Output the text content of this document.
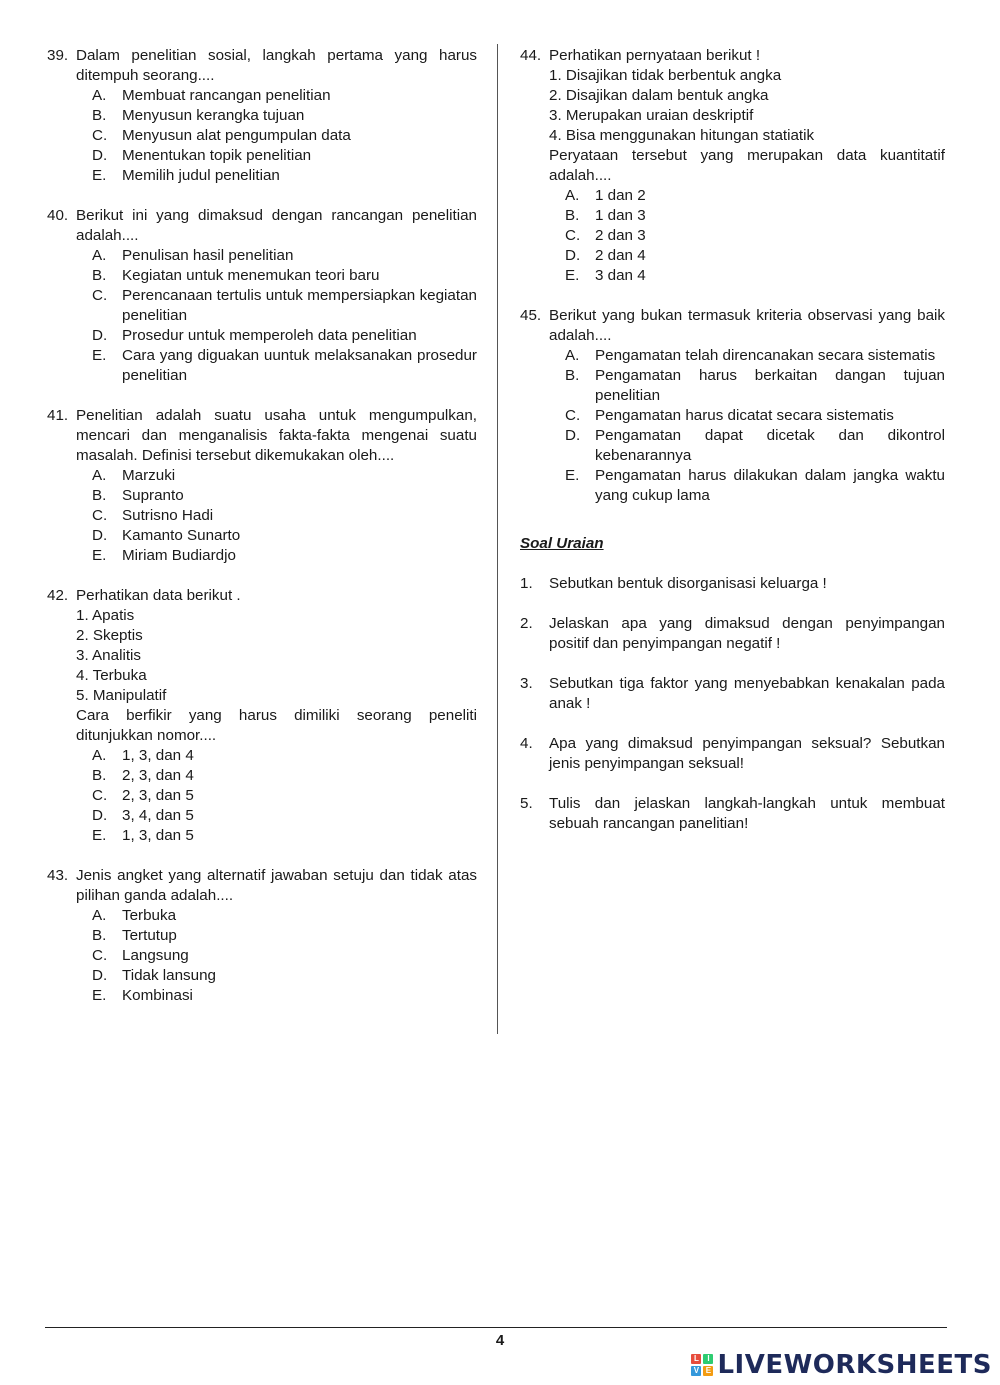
39. Dalam penelitian sosial, langkah pertama yang harus ditempuh seorang....
A.	Membuat rancangan penelitian
B.	Menyusun kerangka tujuan
C. Menyusun alat pengumpulan data
D. Menentukan topik penelitian
E.	Memilih judul penelitian
40. Berikut ini yang dimaksud dengan rancangan penelitian adalah....
A.	Penulisan hasil penelitian
B.	Kegiatan untuk menemukan teori baru
C. Perencanaan tertulis untuk mempersiapkan kegiatan penelitian
D. Prosedur untuk memperoleh data penelitian
E.	Cara yang diguakan uuntuk melaksanakan prosedur penelitian
41. Penelitian adalah suatu usaha untuk mengumpulkan, mencari dan menganalisis fakta-fakta mengenai suatu masalah. Definisi tersebut dikemukakan oleh....
A.	Marzuki
B.	Supranto
C. Sutrisno Hadi
D. Kamanto Sunarto
E.	Miriam Budiardjo
42. Perhatikan data berikut .
1. Apatis
2. Skeptis
3. Analitis
4. Terbuka
5. Manipulatif
Cara berfikir yang harus dimiliki seorang peneliti ditunjukkan nomor....
A.	1, 3, dan 4
B.	2, 3, dan 4
C. 2, 3, dan 5
D. 3, 4, dan 5
E.	1, 3, dan 5
43. Jenis angket yang alternatif jawaban setuju dan tidak atas pilihan ganda adalah....
A.	Terbuka
B.	Tertutup
C. Langsung
D. Tidak lansung
E.	Kombinasi
44. Perhatikan pernyataan berikut !
1. Disajikan tidak berbentuk angka
2. Disajikan dalam bentuk angka
3. Merupakan uraian deskriptif
4. Bisa menggunakan hitungan statiatik
Peryataan tersebut yang merupakan data kuantitatif adalah....
A.	1 dan 2
B.	1 dan 3
C. 2 dan 3
D. 2 dan 4
E.	3 dan 4
45. Berikut yang bukan termasuk kriteria observasi yang baik adalah....
A.	Pengamatan telah direncanakan secara sistematis
B.	Pengamatan harus berkaitan dangan tujuan penelitian
C. Pengamatan harus dicatat secara sistematis
D. Pengamatan dapat dicetak dan dikontrol kebenarannya
E.	Pengamatan harus dilakukan dalam jangka waktu yang cukup lama
Soal Uraian
1.	Sebutkan bentuk disorganisasi keluarga !
2.	Jelaskan apa yang dimaksud dengan penyimpangan positif dan penyimpangan negatif !
3.	Sebutkan tiga faktor yang menyebabkan kenakalan pada anak !
4.	Apa yang dimaksud penyimpangan seksual? Sebutkan jenis penyimpangan seksual!
5.	Tulis dan jelaskan langkah-langkah untuk membuat sebuah rancangan panelitian!
4
L	I
V E LIVEWORKSHEETS
